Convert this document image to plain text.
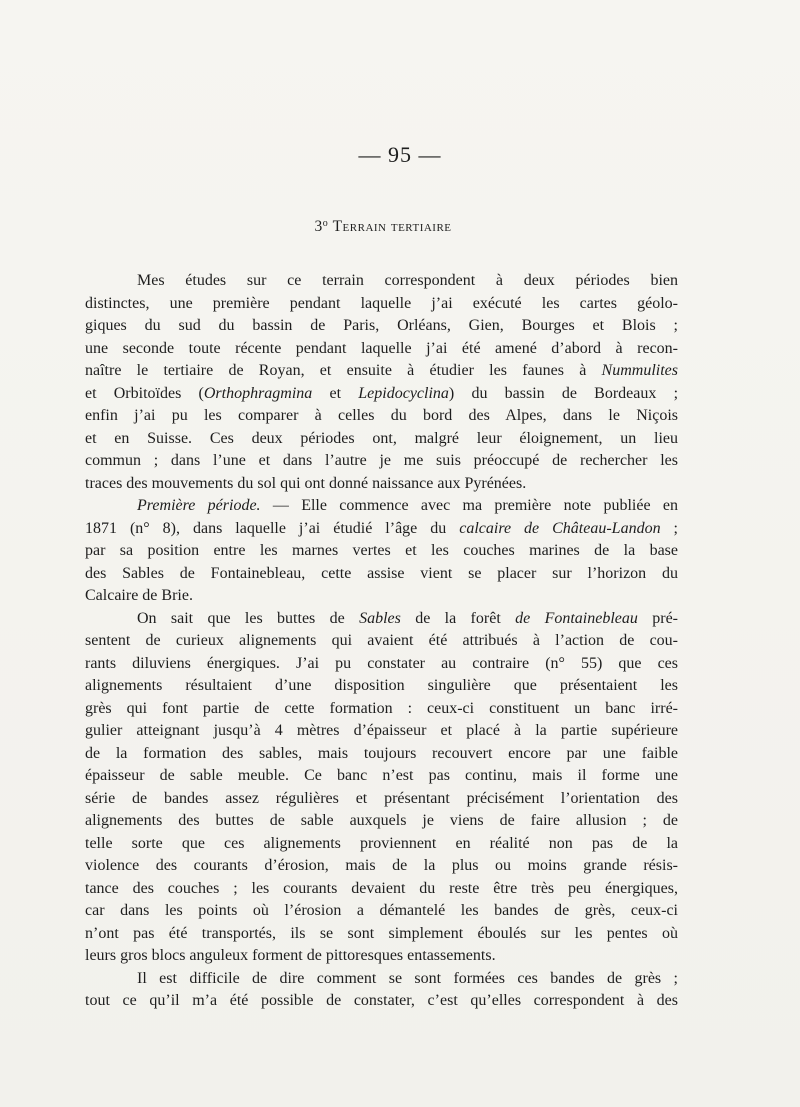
— 95 —
3$^o$ Terrain tertiaire
Mes études sur ce terrain correspondent à deux périodes bien
distinctes, une première pendant laquelle j’ai exécuté les cartes géolo-
giques du sud du bassin de Paris, Orléans, Gien, Bourges et Blois ;
une seconde toute récente pendant laquelle j’ai été amené d’abord à recon-
naître le tertiaire de Royan, et ensuite à étudier les faunes à Nummulites
et Orbitoïdes (Orthophragmina et Lepidocyclina) du bassin de Bordeaux ;
enfin j’ai pu les comparer à celles du bord des Alpes, dans le Niçois
et en Suisse. Ces deux périodes ont, malgré leur éloignement, un lieu
commun ; dans l’une et dans l’autre je me suis préoccupé de rechercher les
traces des mouvements du sol qui ont donné naissance aux Pyrénées.
Première période. — Elle commence avec ma première note publiée en
1871 (n° 8), dans laquelle j’ai étudié l’âge du calcaire de Château-Landon ;
par sa position entre les marnes vertes et les couches marines de la base
des Sables de Fontainebleau, cette assise vient se placer sur l’horizon du
Calcaire de Brie.
On sait que les buttes de Sables de la forêt de Fontainebleau pré-
sentent de curieux alignements qui avaient été attribués à l’action de cou-
rants diluviens énergiques. J’ai pu constater au contraire (n° 55) que ces
alignements résultaient d’une disposition singulière que présentaient les
grès qui font partie de cette formation : ceux-ci constituent un banc irré-
gulier atteignant jusqu’à 4 mètres d’épaisseur et placé à la partie supérieure
de la formation des sables, mais toujours recouvert encore par une faible
épaisseur de sable meuble. Ce banc n’est pas continu, mais il forme une
série de bandes assez régulières et présentant précisément l’orientation des
alignements des buttes de sable auxquels je viens de faire allusion ; de
telle sorte que ces alignements proviennent en réalité non pas de la
violence des courants d’érosion, mais de la plus ou moins grande résis-
tance des couches ; les courants devaient du reste être très peu énergiques,
car dans les points où l’érosion a démantelé les bandes de grès, ceux-ci
n’ont pas été transportés, ils se sont simplement éboulés sur les pentes où
leurs gros blocs anguleux forment de pittoresques entassements.
Il est difficile de dire comment se sont formées ces bandes de grès ;
tout ce qu’il m’a été possible de constater, c’est qu’elles correspondent à des
